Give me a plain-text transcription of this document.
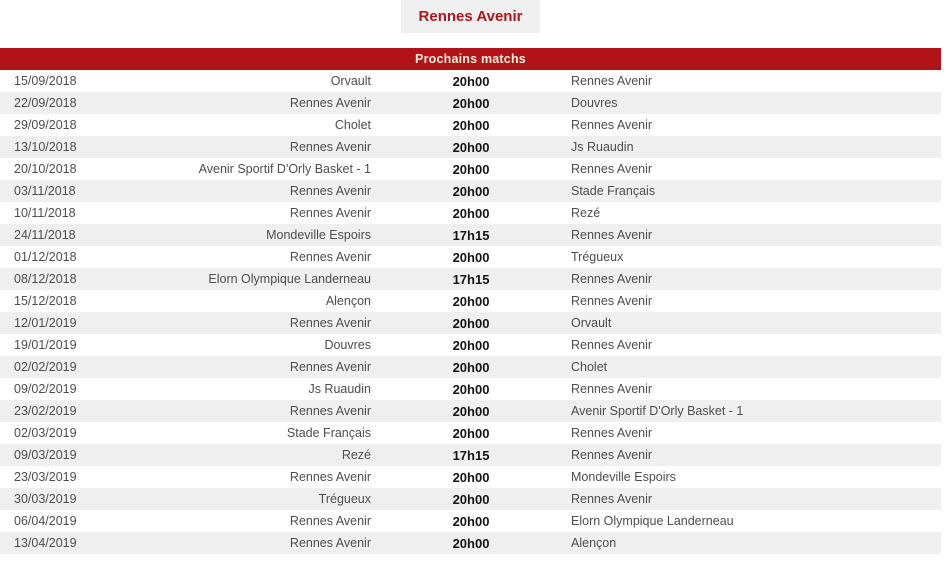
Rennes Avenir
Prochains matchs
15/09/2018	Orvault	20h00	Rennes Avenir
22/09/2018	Rennes Avenir	20h00	Douvres
29/09/2018	Cholet	20h00	Rennes Avenir
13/10/2018	Rennes Avenir	20h00	Js Ruaudin
20/10/2018	Avenir Sportif D'Orly Basket - 1	20h00	Rennes Avenir
03/11/2018	Rennes Avenir	20h00	Stade Français
10/11/2018	Rennes Avenir	20h00	Rezé
24/11/2018	Mondeville Espoirs	17h15	Rennes Avenir
01/12/2018	Rennes Avenir	20h00	Trégueux
08/12/2018	Elorn Olympique Landerneau	17h15	Rennes Avenir
15/12/2018	Alençon	20h00	Rennes Avenir
12/01/2019	Rennes Avenir	20h00	Orvault
19/01/2019	Douvres	20h00	Rennes Avenir
02/02/2019	Rennes Avenir	20h00	Cholet
09/02/2019	Js Ruaudin	20h00	Rennes Avenir
23/02/2019	Rennes Avenir	20h00	Avenir Sportif D'Orly Basket - 1
02/03/2019	Stade Français	20h00	Rennes Avenir
09/03/2019	Rezé	17h15	Rennes Avenir
23/03/2019	Rennes Avenir	20h00	Mondeville Espoirs
30/03/2019	Trégueux	20h00	Rennes Avenir
06/04/2019	Rennes Avenir	20h00	Elorn Olympique Landerneau
13/04/2019	Rennes Avenir	20h00	Alençon
